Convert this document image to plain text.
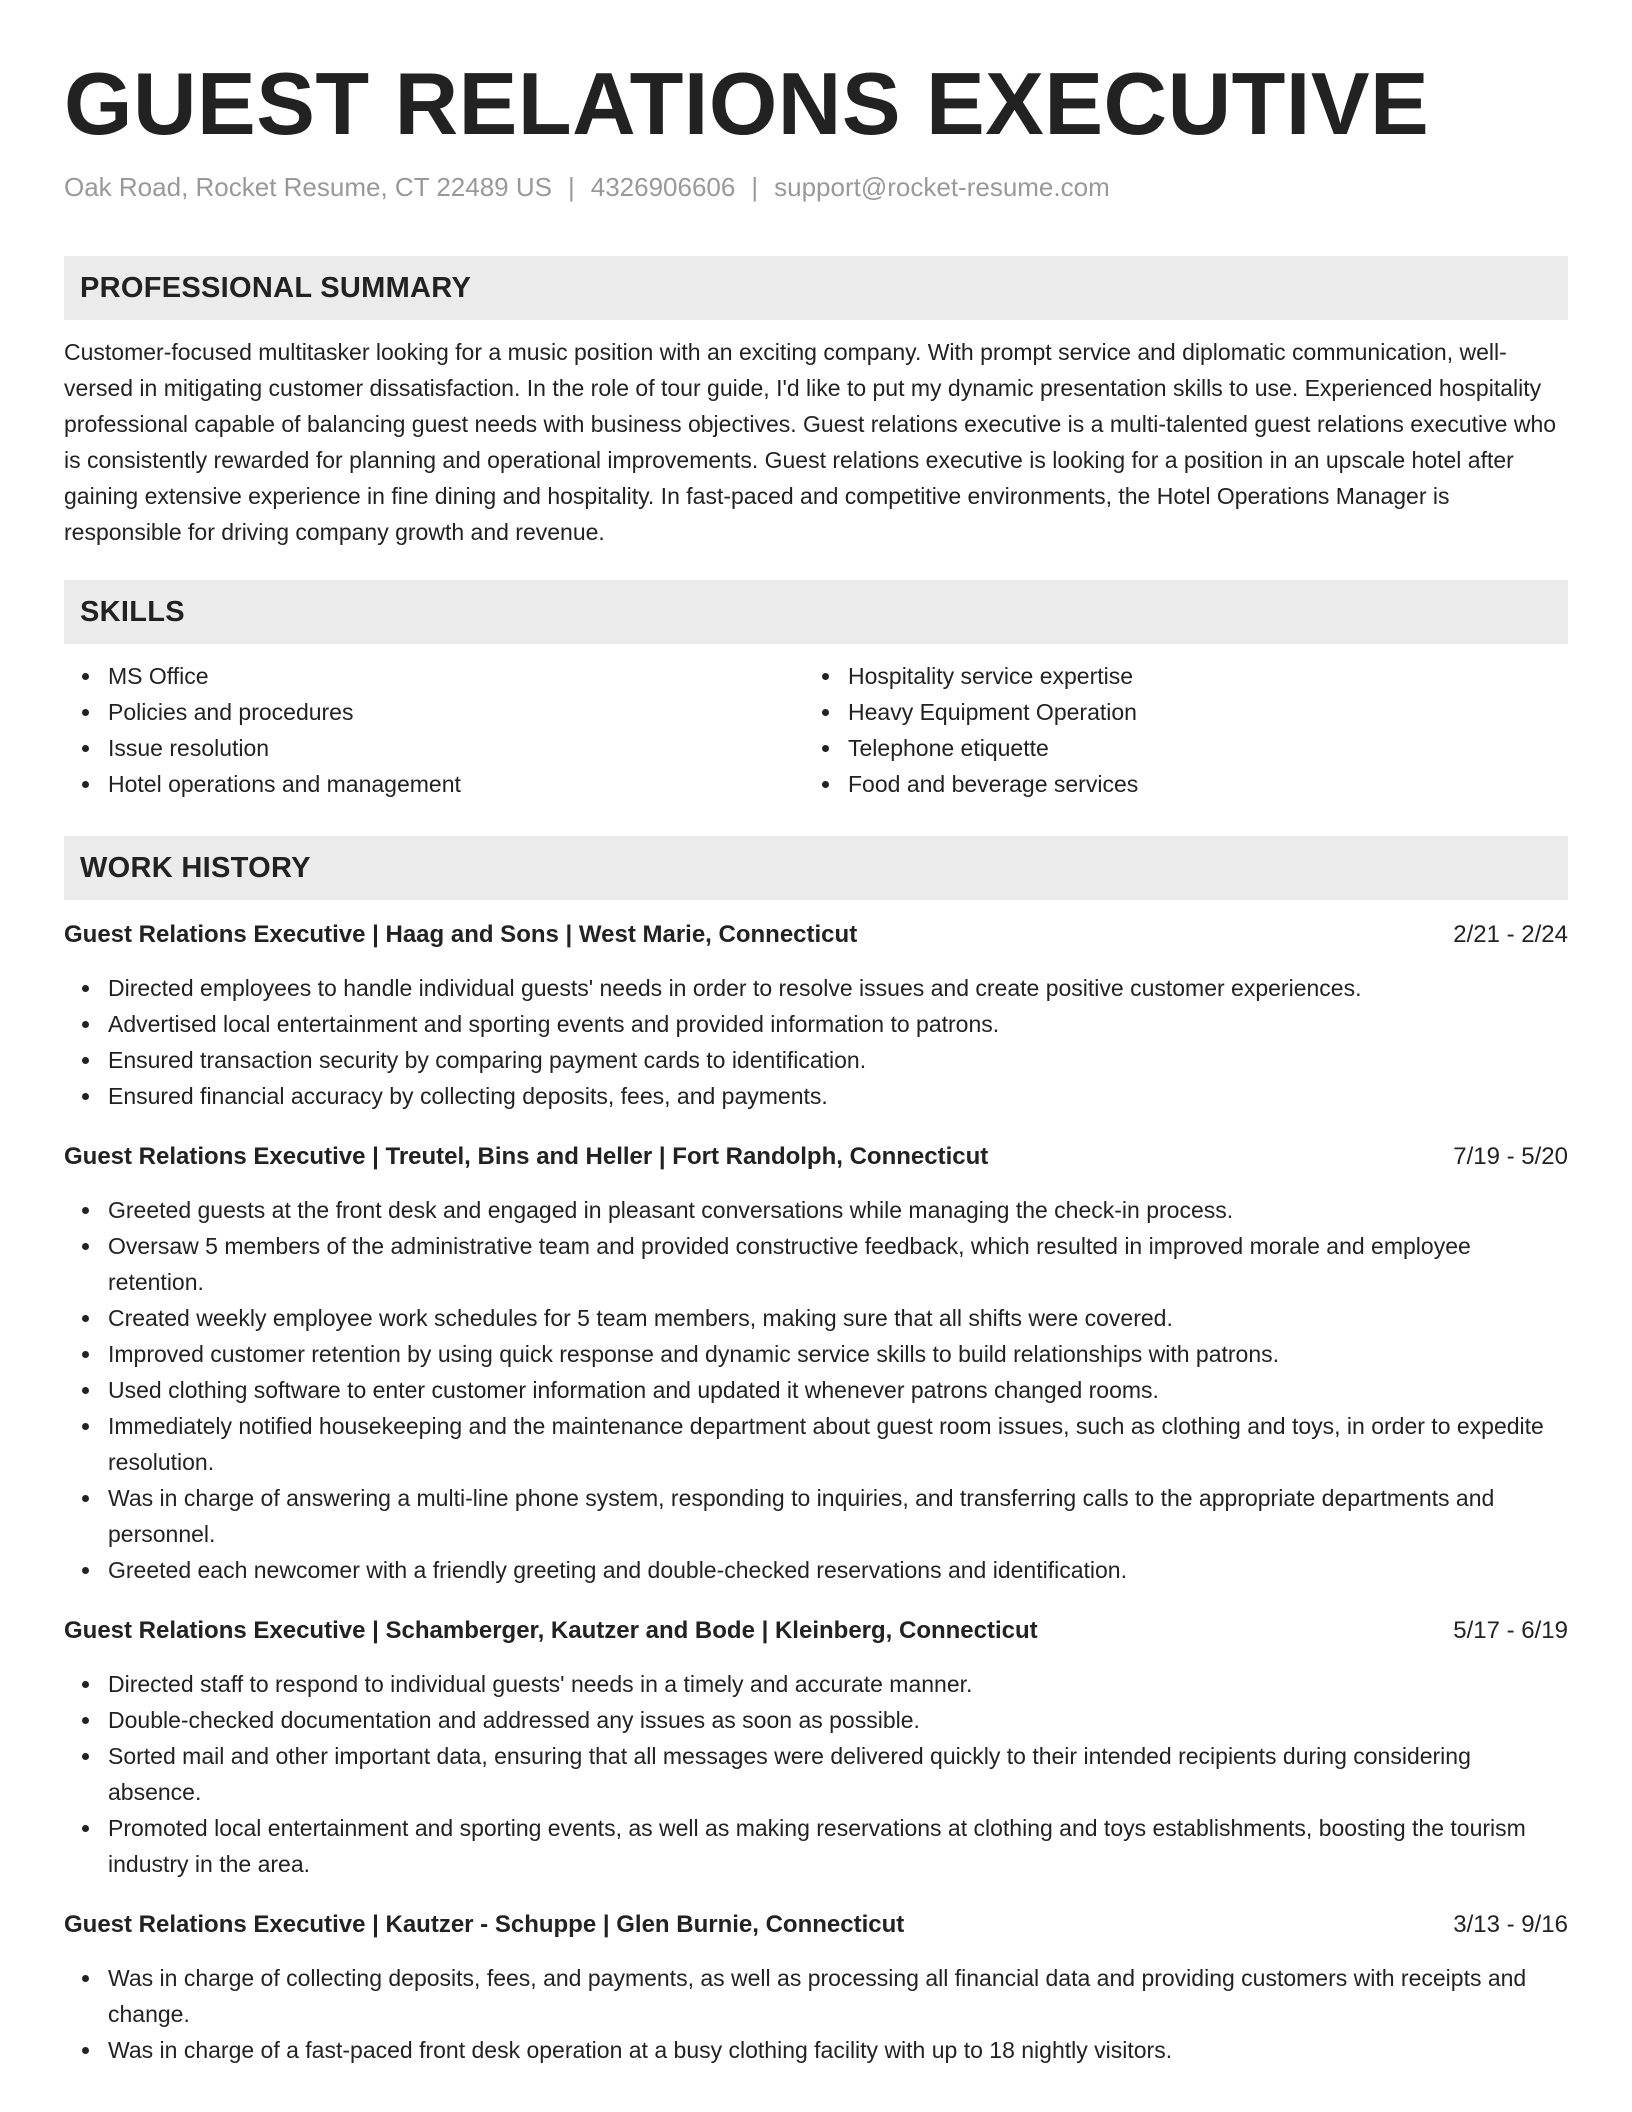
GUEST RELATIONS EXECUTIVE
Oak Road, Rocket Resume, CT 22489 US | 4326906606 | support@rocket-resume.com
PROFESSIONAL SUMMARY
Customer-focused multitasker looking for a music position with an exciting company. With prompt service and diplomatic communication, well-versed in mitigating customer dissatisfaction. In the role of tour guide, I'd like to put my dynamic presentation skills to use. Experienced hospitality professional capable of balancing guest needs with business objectives. Guest relations executive is a multi-talented guest relations executive who is consistently rewarded for planning and operational improvements. Guest relations executive is looking for a position in an upscale hotel after gaining extensive experience in fine dining and hospitality. In fast-paced and competitive environments, the Hotel Operations Manager is responsible for driving company growth and revenue.
SKILLS
MS Office
Policies and procedures
Issue resolution
Hotel operations and management
Hospitality service expertise
Heavy Equipment Operation
Telephone etiquette
Food and beverage services
WORK HISTORY
Guest Relations Executive | Haag and Sons | West Marie, Connecticut	2/21 - 2/24
Directed employees to handle individual guests' needs in order to resolve issues and create positive customer experiences.
Advertised local entertainment and sporting events and provided information to patrons.
Ensured transaction security by comparing payment cards to identification.
Ensured financial accuracy by collecting deposits, fees, and payments.
Guest Relations Executive | Treutel, Bins and Heller | Fort Randolph, Connecticut	7/19 - 5/20
Greeted guests at the front desk and engaged in pleasant conversations while managing the check-in process.
Oversaw 5 members of the administrative team and provided constructive feedback, which resulted in improved morale and employee retention.
Created weekly employee work schedules for 5 team members, making sure that all shifts were covered.
Improved customer retention by using quick response and dynamic service skills to build relationships with patrons.
Used clothing software to enter customer information and updated it whenever patrons changed rooms.
Immediately notified housekeeping and the maintenance department about guest room issues, such as clothing and toys, in order to expedite resolution.
Was in charge of answering a multi-line phone system, responding to inquiries, and transferring calls to the appropriate departments and personnel.
Greeted each newcomer with a friendly greeting and double-checked reservations and identification.
Guest Relations Executive | Schamberger, Kautzer and Bode | Kleinberg, Connecticut	5/17 - 6/19
Directed staff to respond to individual guests' needs in a timely and accurate manner.
Double-checked documentation and addressed any issues as soon as possible.
Sorted mail and other important data, ensuring that all messages were delivered quickly to their intended recipients during considering absence.
Promoted local entertainment and sporting events, as well as making reservations at clothing and toys establishments, boosting the tourism industry in the area.
Guest Relations Executive | Kautzer - Schuppe | Glen Burnie, Connecticut	3/13 - 9/16
Was in charge of collecting deposits, fees, and payments, as well as processing all financial data and providing customers with receipts and change.
Was in charge of a fast-paced front desk operation at a busy clothing facility with up to 18 nightly visitors.
